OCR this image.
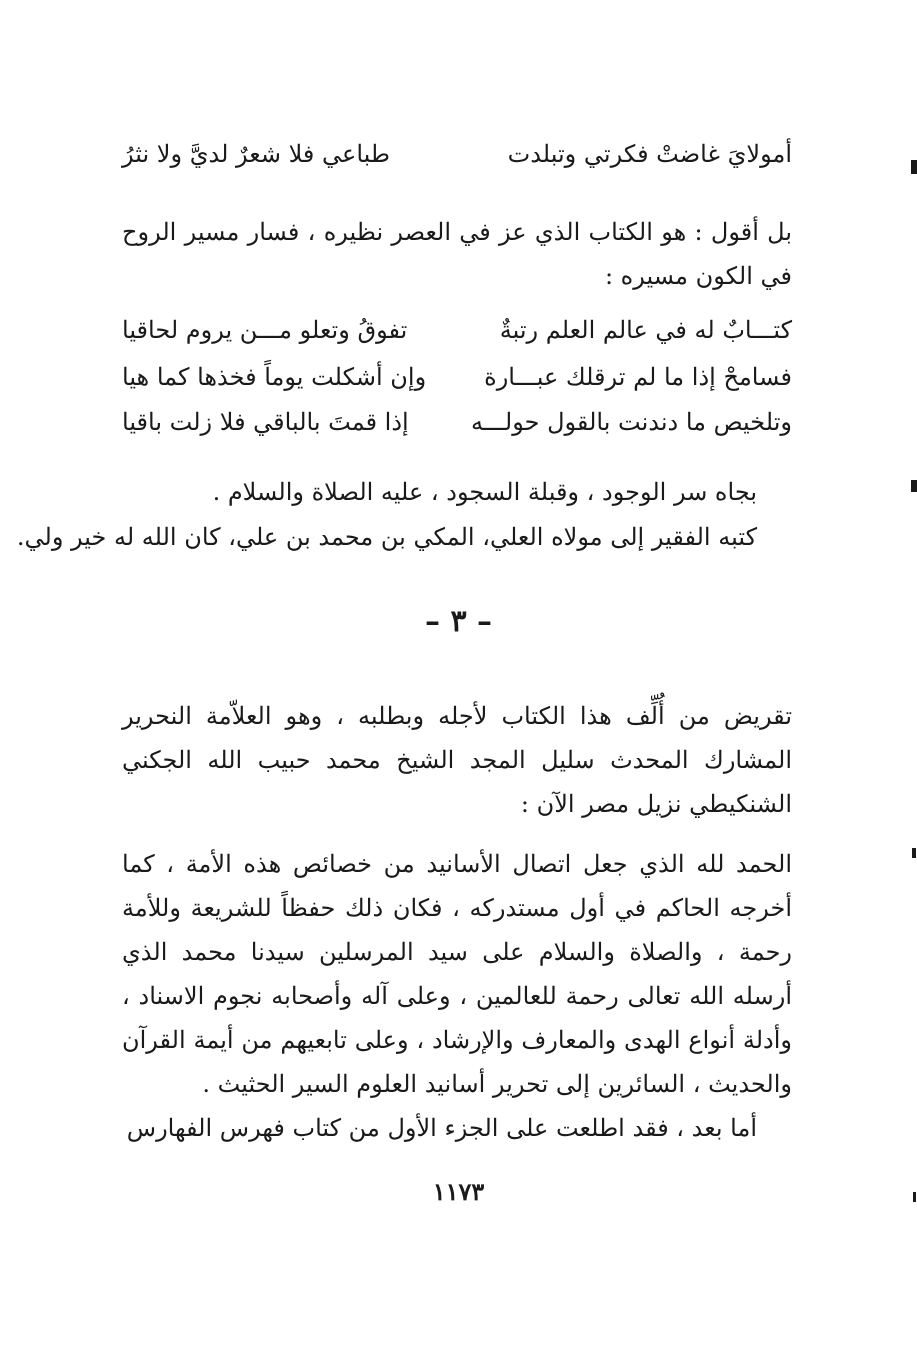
أمولايَ غاضتْ فكرتي وتبلدت
طباعي فلا شعرٌ لديَّ ولا نثرُ
بل أقول : هو الكتاب الذي عز في العصر نظيره ، فسار مسير الروح في الكون مسيره :
كتـــابٌ له في عالم العلم رتبةٌ
تفوقُ وتعلو مـــن يروم لحاقيا
فسامحْ إذا ما لم ترقلك عبـــارة
وإن أشكلت يوماً فخذها كما هيا
وتلخيص ما دندنت بالقول حولـــه
إذا قمتَ بالباقي فلا زلت باقيا
بجاه سر الوجود ، وقبلة السجود ، عليه الصلاة والسلام .
كتبه الفقير إلى مولاه العلي، المكي بن محمد بن علي، كان الله له خير ولي.
– ٣ –
تقريض من أُلِّف هذا الكتاب لأجله وبطلبه ، وهو العلاّمة النحرير المشارك المحدث سليل المجد الشيخ محمد حبيب الله الجكني الشنكيطي نزيل مصر الآن :
الحمد لله الذي جعل اتصال الأسانيد من خصائص هذه الأمة ، كما أخرجه الحاكم في أول مستدركه ، فكان ذلك حفظاً للشريعة وللأمة رحمة ، والصلاة والسلام على سيد المرسلين سيدنا محمد الذي أرسله الله تعالى رحمة للعالمين ، وعلى آله وأصحابه نجوم الاسناد ، وأدلة أنواع الهدى والمعارف والإرشاد ، وعلى تابعيهم من أيمة القرآن والحديث ، السائرين إلى تحرير أسانيد العلوم السير الحثيث .
أما بعد ، فقد اطلعت على الجزء الأول من كتاب فهرس الفهارس
١١٧٣
